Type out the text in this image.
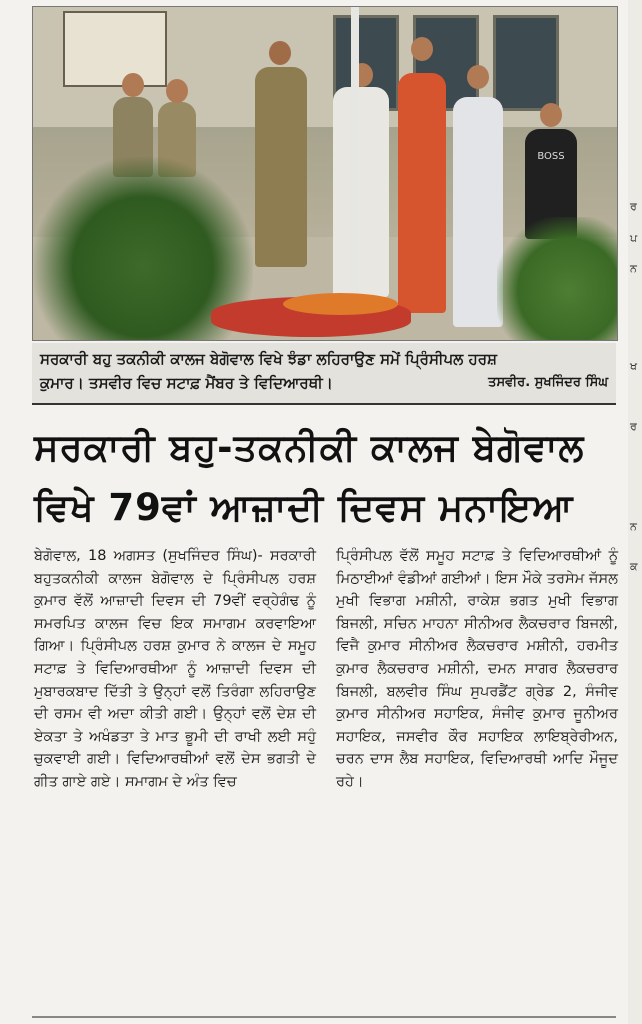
BOSS

ਸਰਕਾਰੀ ਬਹੁ ਤਕਨੀਕੀ ਕਾਲਜ ਬੇਗੋਵਾਲ ਵਿਖੇ ਝੰਡਾ ਲਹਿਰਾਉਣ ਸਮੇਂ ਪ੍ਰਿੰਸੀਪਲ ਹਰਸ਼

ਕੁਮਾਰ। ਤਸਵੀਰ ਵਿਚ ਸਟਾਫ਼ ਮੈਂਬਰ ਤੇ ਵਿਦਿਆਰਥੀ।	ਤਸਵੀਰ. ਸੁਖਜਿੰਦਰ ਸਿੰਘ
ਸਰਕਾਰੀ ਬਹੁ-ਤਕਨੀਕੀ ਕਾਲਜ ਬੇਗੋਵਾਲ
ਵਿਖੇ 79ਵਾਂ ਆਜ਼ਾਦੀ ਦਿਵਸ ਮਨਾਇਆ

ਬੇਗੋਵਾਲ, 18 ਅਗਸਤ (ਸੁਖਜਿੰਦਰ ਸਿੰਘ)- ਸਰਕਾਰੀ ਬਹੁਤਕਨੀਕੀ ਕਾਲਜ ਬੇਗੋਵਾਲ ਦੇ ਪ੍ਰਿੰਸੀਪਲ ਹਰਸ਼ ਕੁਮਾਰ ਵੱਲੋਂ ਆਜ਼ਾਦੀ ਦਿਵਸ ਦੀ 79ਵੀਂ ਵਰ੍ਹੇਗੰਢ ਨੂੰ ਸਮਰਪਿਤ ਕਾਲਜ ਵਿਚ ਇਕ ਸਮਾਗਮ ਕਰਵਾਇਆ ਗਿਆ। ਪ੍ਰਿੰਸੀਪਲ ਹਰਸ਼ ਕੁਮਾਰ ਨੇ ਕਾਲਜ ਦੇ ਸਮੂਹ ਸਟਾਫ਼ ਤੇ ਵਿਦਿਆਰਥੀਆ ਨੂੰ ਆਜ਼ਾਦੀ ਦਿਵਸ ਦੀ ਮੁਬਾਰਕਬਾਦ ਦਿੱਤੀ ਤੇ ਉਨ੍ਹਾਂ ਵਲੋਂ ਤਿਰੰਗਾ ਲਹਿਰਾਉਣ ਦੀ ਰਸਮ ਵੀ ਅਦਾ ਕੀਤੀ ਗਈ। ਉਨ੍ਹਾਂ ਵਲੋਂ ਦੇਸ਼ ਦੀ ਏਕਤਾ ਤੇ ਅਖੰਡਤਾ ਤੇ ਮਾਤ ਭੂਮੀ ਦੀ ਰਾਖੀ ਲਈ ਸਹੁੰ ਚੁਕਵਾਈ ਗਈ। ਵਿਦਿਆਰਥੀਆਂ ਵਲੋਂ ਦੇਸ ਭਗਤੀ ਦੇ ਗੀਤ ਗਾਏ ਗਏ। ਸਮਾਗਮ ਦੇ ਅੰਤ ਵਿਚ

ਪ੍ਰਿੰਸੀਪਲ ਵੱਲੋਂ ਸਮੂਹ ਸਟਾਫ਼ ਤੇ ਵਿਦਿਆਰਥੀਆਂ ਨੂੰ ਮਿਠਾਈਆਂ ਵੰਡੀਆਂ ਗਈਆਂ। ਇਸ ਮੌਕੇ ਤਰਸੇਮ ਜੱਸਲ ਮੁਖੀ ਵਿਭਾਗ ਮਸ਼ੀਨੀ, ਰਾਕੇਸ਼ ਭਗਤ ਮੁਖੀ ਵਿਭਾਗ ਬਿਜਲੀ, ਸਚਿਨ ਮਾਹਨਾ ਸੀਨੀਅਰ ਲੈਕਚਰਾਰ ਬਿਜਲੀ, ਵਿਜੈ ਕੁਮਾਰ ਸੀਨੀਅਰ ਲੈਕਚਰਾਰ ਮਸ਼ੀਨੀ, ਹਰਮੀਤ ਕੁਮਾਰ ਲੈਕਚਰਾਰ ਮਸ਼ੀਨੀ, ਦਮਨ ਸਾਗਰ ਲੈਕਚਰਾਰ ਬਿਜਲੀ, ਬਲਵੀਰ ਸਿੰਘ ਸੁਪਰਡੈਂਟ ਗ੍ਰੇਡ 2, ਸੰਜੀਵ ਕੁਮਾਰ ਸੀਨੀਅਰ ਸਹਾਇਕ, ਸੰਜੀਵ ਕੁਮਾਰ ਜੂਨੀਅਰ ਸਹਾਇਕ, ਜਸਵੀਰ ਕੌਰ ਸਹਾਇਕ ਲਾਇਬ੍ਰੇਰੀਅਨ, ਚਰਨ ਦਾਸ ਲੈਬ ਸਹਾਇਕ, ਵਿਦਿਆਰਥੀ ਆਦਿ ਮੌਜੂਦ ਰਹੇ।

ਰ
ਪ
ਨ
ਖ
ਰ
ਨ
ਕ
